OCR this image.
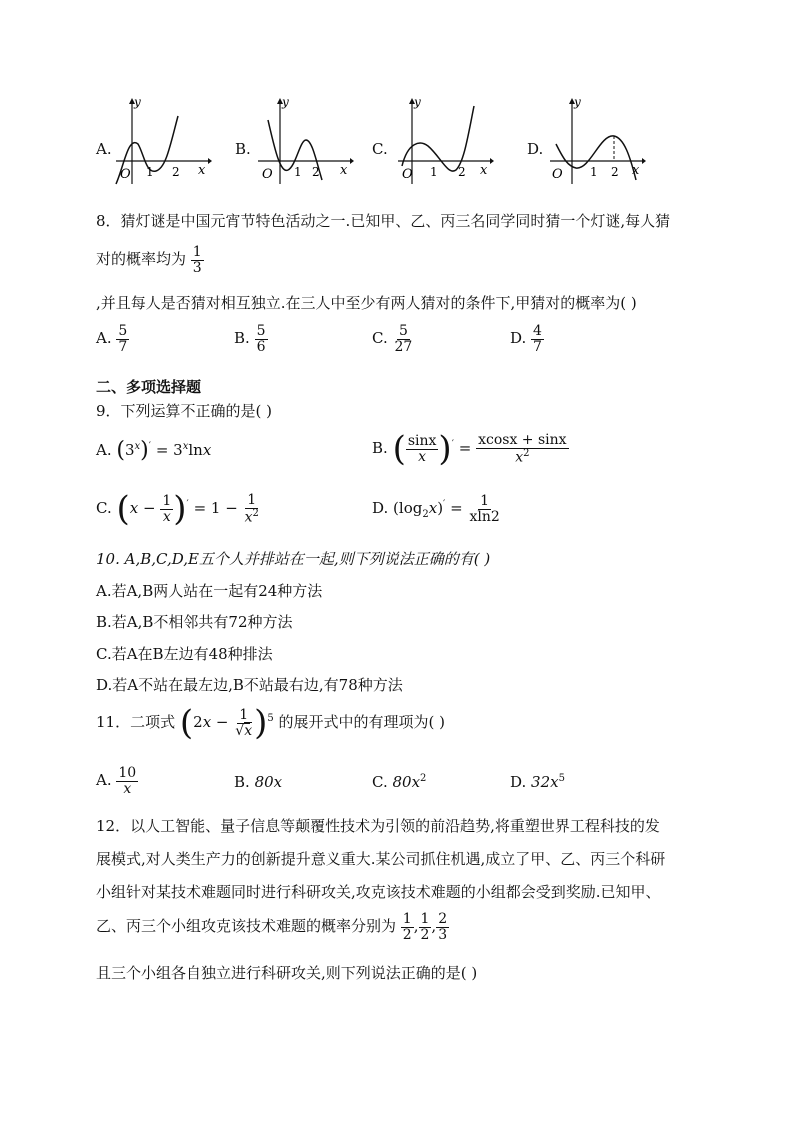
A.
y
O 1 2 x
B.
y
O 1 2 x
C.
y
O 1 2 x
D.
y
O 1 2 x
8．猜灯谜是中国元宵节特色活动之一.已知甲、乙、丙三名同学同时猜一个灯谜,每人猜
对的概率均为 $\frac{1}{3}$
,并且每人是否猜对相互独立.在三人中至少有两人猜对的条件下,甲猜对的概率为( )
A. $\frac{5}{7}$	B. $\frac{5}{6}$	C. $\frac{5}{27}$	D. $\frac{4}{7}$
二、多项选择题
9．下列运算不正确的是( )
A. $(3^x)' = 3^x\ln x$	B. ( $\frac{\sin x}{x} )' = \frac{xcosx + \sin x}{x^2}$
C. $(x - \frac{1}{x} )' = 1 - \frac{1}{x^2}$	D. $(\log_2x)' = \frac{1}{xln2}$
10. A,B,C,D,E五个人并排站在一起,则下列说法正确的有( )
A.若A,B两人站在一起有24种方法
B.若A,B不相邻共有72种方法
C.若A在B左边有48种排法
D.若A不站在最左边,B不站最右边,有78种方法
11．二项式 $(2x - \frac{1}{√x} )^5$ 的展开式中的有理项为( )
A. $\frac{10}{x}$	B. 80x	C. $80x^2$	D. $32x^5$
12．以人工智能、量子信息等颠覆性技术为引领的前沿趋势,将重塑世界工程科技的发
展模式,对人类生产力的创新提升意义重大.某公司抓住机遇,成立了甲、乙、丙三个科研
小组针对某技术难题同时进行科研攻关,攻克该技术难题的小组都会受到奖励.已知甲、
乙、丙三个小组攻克该技术难题的概率分别为 $\frac{1}{2}$ , $\frac{1}{2}$ , $\frac{2}{3}$
且三个小组各自独立进行科研攻关,则下列说法正确的是( )
